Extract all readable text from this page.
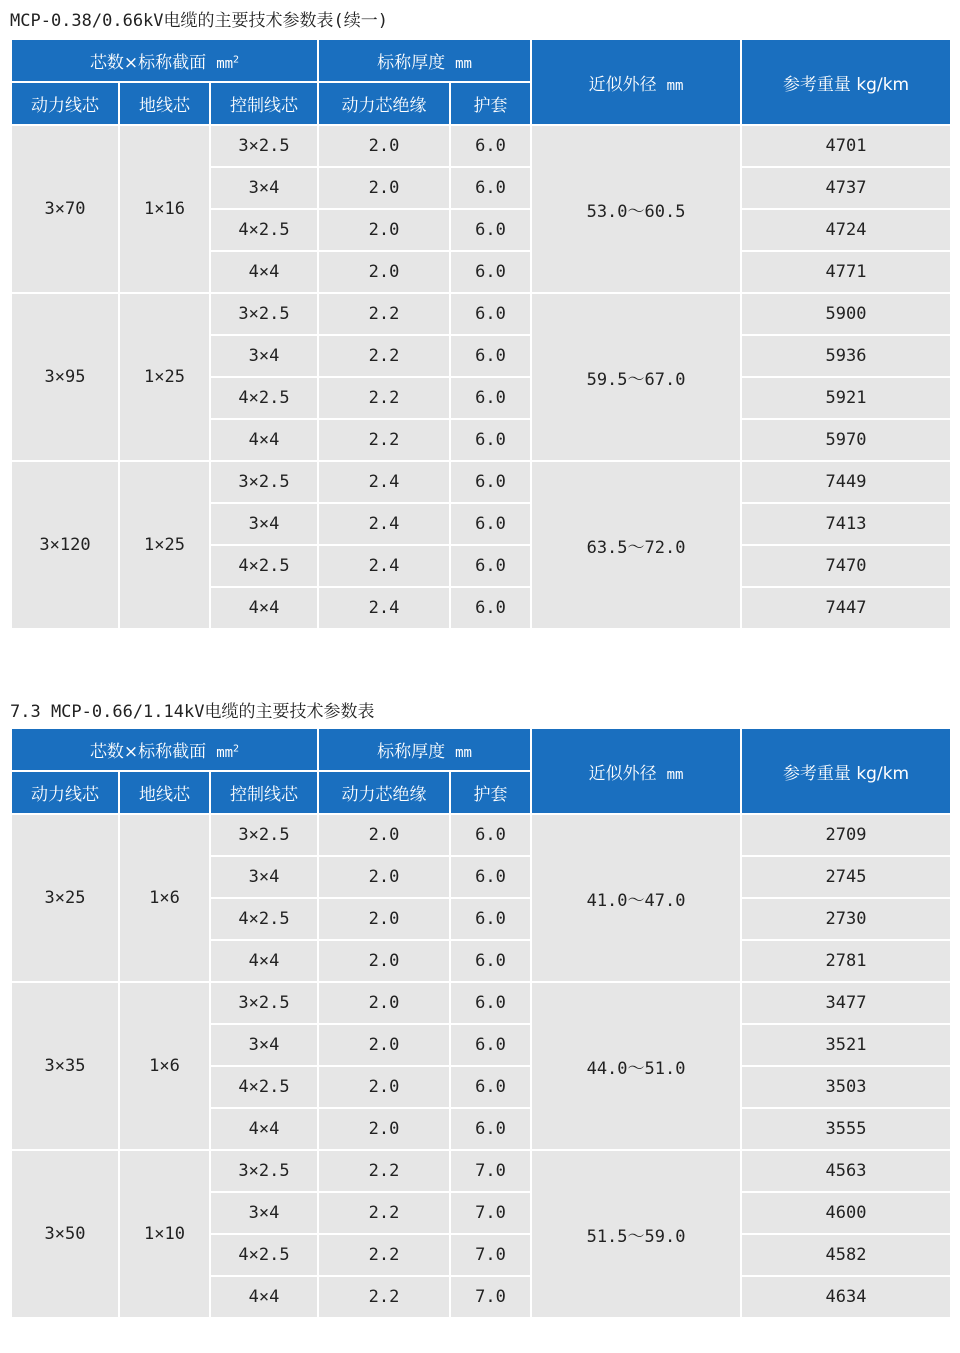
MCP-0.38/0.66kV电缆的主要技术参数表(续一)
芯数×标称截面 $mm^2$			标称厚度 mm		近似外径 mm	参考重量 kg/km
动力线芯	地线芯	控制线芯	动力芯绝缘	护套		
3×70	1×16	3×2.5	2.0	6.0	53.0～60.5	4701
		3×4	2.0	6.0		4737
		4×2.5	2.0	6.0		4724
		4×4	2.0	6.0		4771
3×95	1×25	3×2.5	2.2	6.0	59.5～67.0	5900
		3×4	2.2	6.0		5936
		4×2.5	2.2	6.0		5921
		4×4	2.2	6.0		5970
3×120	1×25	3×2.5	2.4	6.0	63.5～72.0	7449
		3×4	2.4	6.0		7413
		4×2.5	2.4	6.0		7470
		4×4	2.4	6.0		7447
7.3 MCP-0.66/1.14kV电缆的主要技术参数表
芯数×标称截面 $mm^2$			标称厚度 mm		近似外径 mm	参考重量 kg/km
动力线芯	地线芯	控制线芯	动力芯绝缘	护套		
3×25	1×6	3×2.5	2.0	6.0	41.0～47.0	2709
		3×4	2.0	6.0		2745
		4×2.5	2.0	6.0		2730
		4×4	2.0	6.0		2781
3×35	1×6	3×2.5	2.0	6.0	44.0～51.0	3477
		3×4	2.0	6.0		3521
		4×2.5	2.0	6.0		3503
		4×4	2.0	6.0		3555
3×50	1×10	3×2.5	2.2	7.0	51.5～59.0	4563
		3×4	2.2	7.0		4600
		4×2.5	2.2	7.0		4582
		4×4	2.2	7.0		4634
